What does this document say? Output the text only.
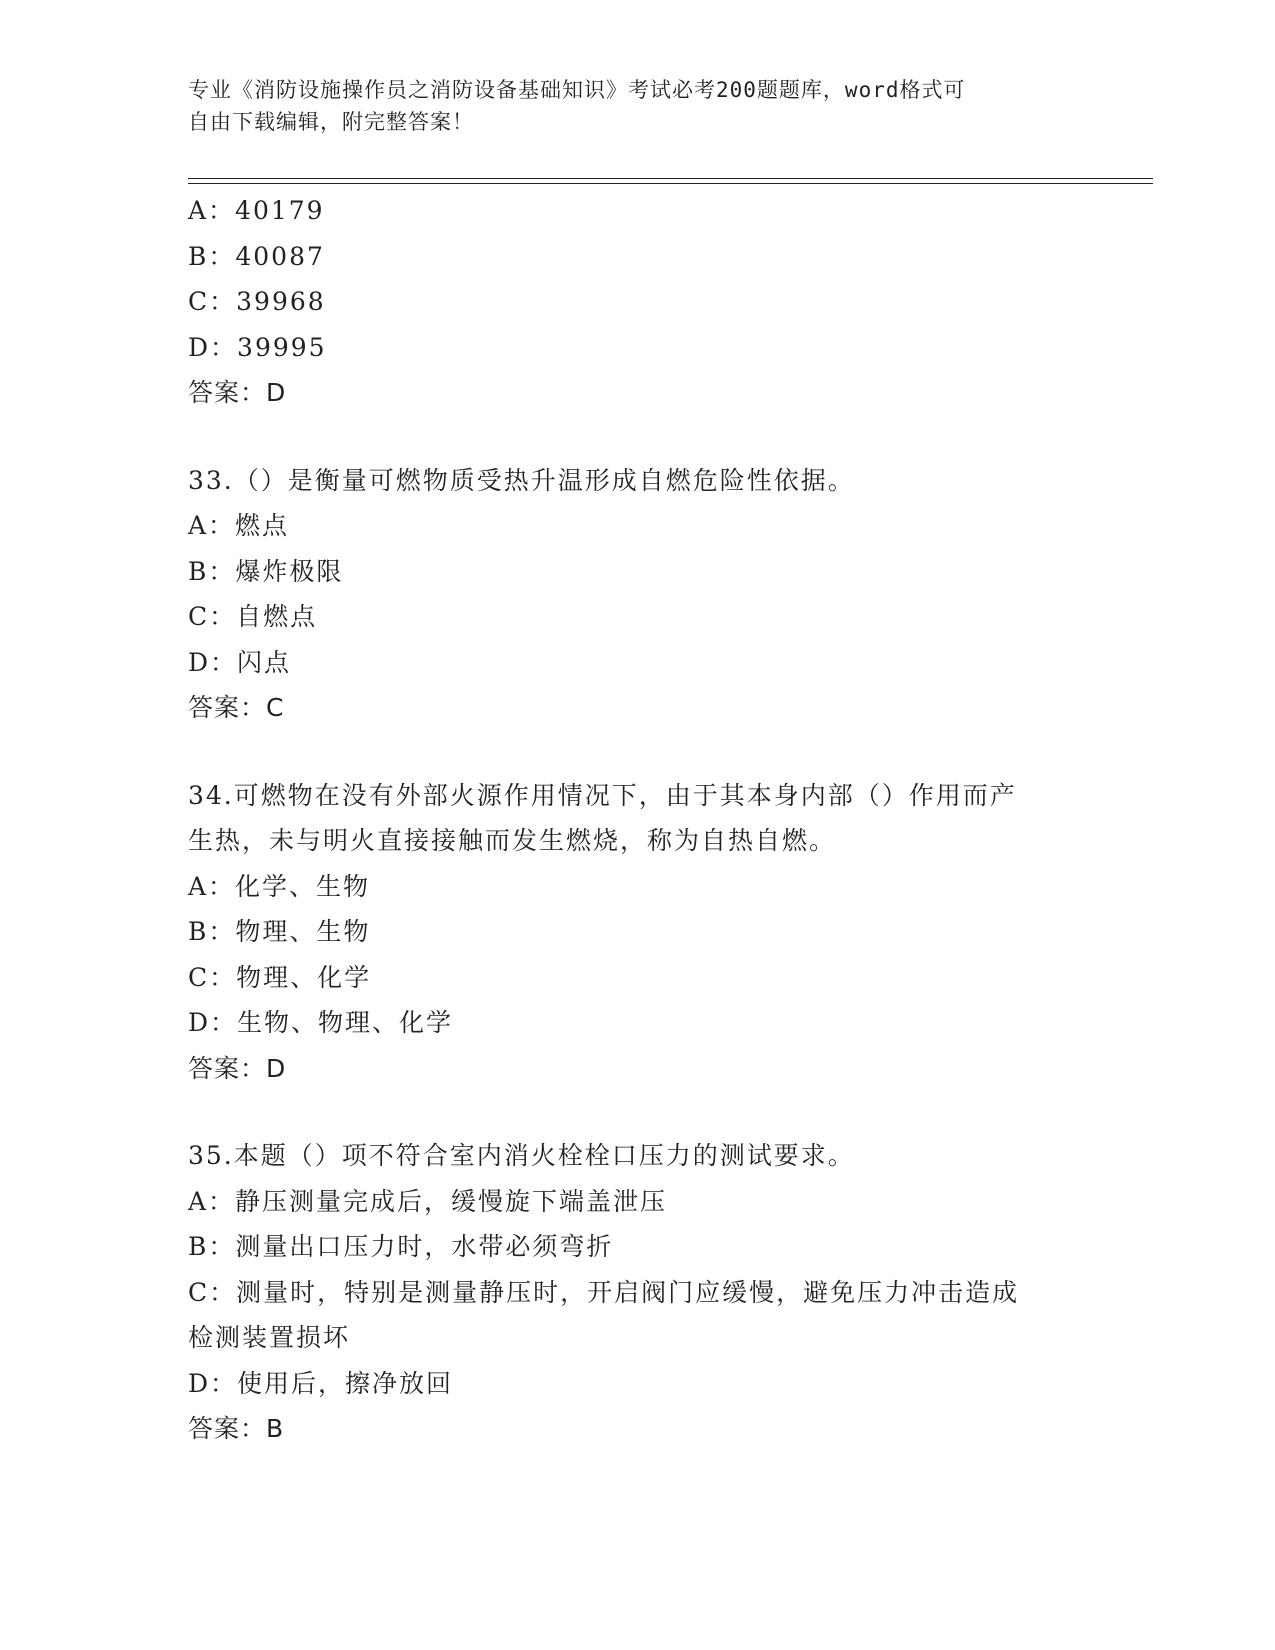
专业《消防设施操作员之消防设备基础知识》考试必考200题题库，word格式可
自由下载编辑，附完整答案！
A：40179
B：40087
C：39968
D：39995
答案：D
33.（）是衡量可燃物质受热升温形成自燃危险性依据。
A：燃点
B：爆炸极限
C：自燃点
D：闪点
答案：C
34.可燃物在没有外部火源作用情况下，由于其本身内部（）作用而产
生热，未与明火直接接触而发生燃烧，称为自热自燃。
A：化学、生物
B：物理、生物
C：物理、化学
D：生物、物理、化学
答案：D
35.本题（）项不符合室内消火栓栓口压力的测试要求。
A：静压测量完成后，缓慢旋下端盖泄压
B：测量出口压力时，水带必须弯折
C：测量时，特别是测量静压时，开启阀门应缓慢，避免压力冲击造成
检测装置损坏
D：使用后，擦净放回
答案：B
